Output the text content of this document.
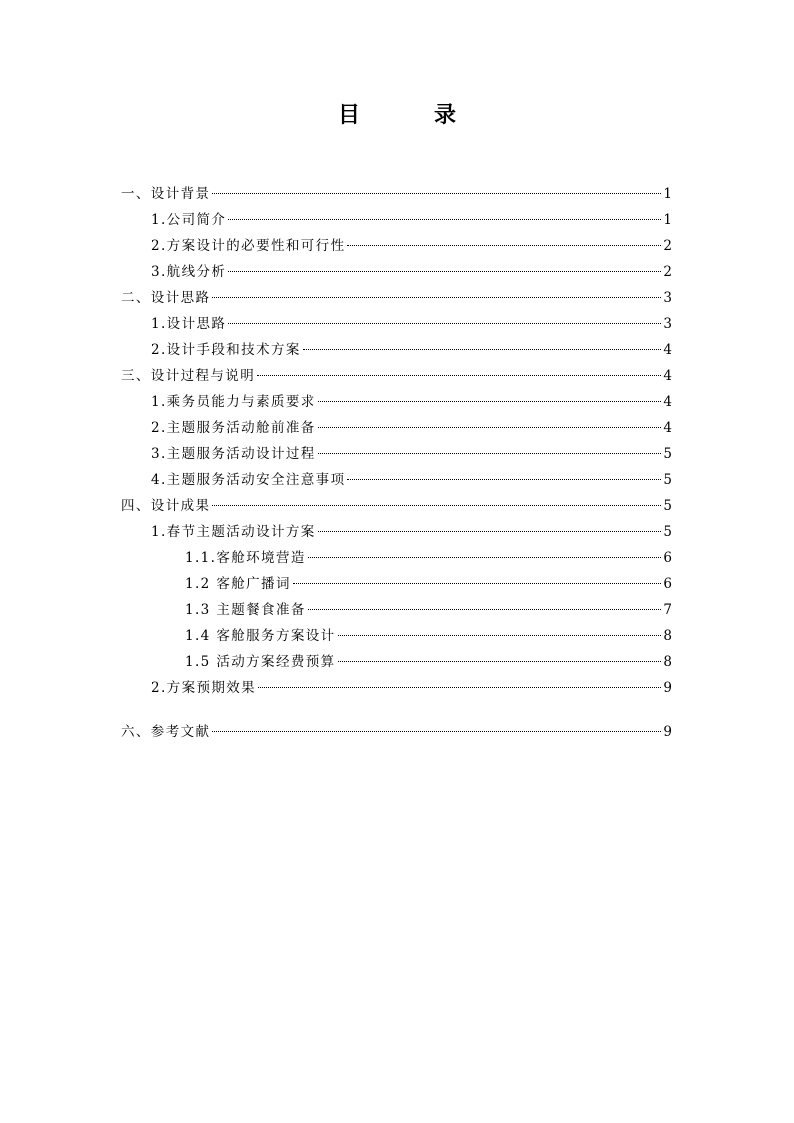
目　录
一、设计背景	1
1.公司简介	1
2.方案设计的必要性和可行性	2
3.航线分析	2
二、设计思路	3
1.设计思路	3
2.设计手段和技术方案	4
三、设计过程与说明	4
1.乘务员能力与素质要求	4
2.主题服务活动舱前准备	4
3.主题服务活动设计过程	5
4.主题服务活动安全注意事项	5
四、设计成果	5
1.春节主题活动设计方案	5
1.1.客舱环境营造	6
1.2 客舱广播词	6
1.3 主题餐食准备	7
1.4 客舱服务方案设计	8
1.5 活动方案经费预算	8
2.方案预期效果	9
六、参考文献	9
